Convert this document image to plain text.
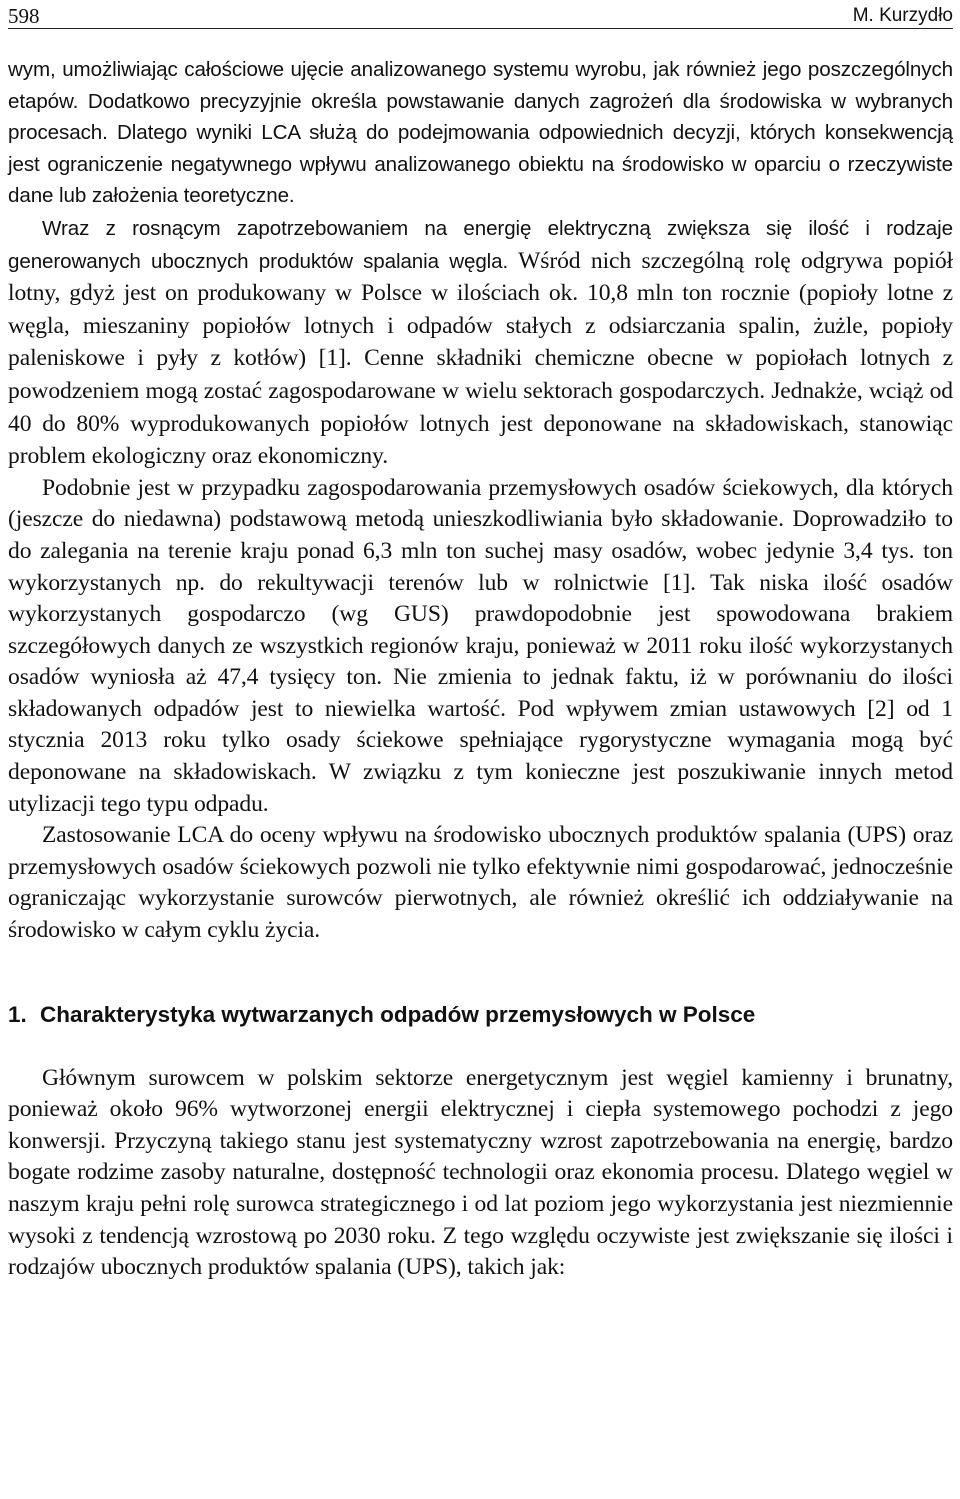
598	M. Kurzydło

wym, umożliwiając całościowe ujęcie analizowanego systemu wyrobu, jak również jego poszczególnych etapów. Dodatkowo precyzyjnie określa powstawanie danych zagrożeń dla środowiska w wybranych procesach. Dlatego wyniki LCA służą do podejmowania odpowiednich decyzji, których konsekwencją jest ograniczenie negatywnego wpływu analizowanego obiektu na środowisko w oparciu o rzeczywiste dane lub założenia teoretyczne.

Wraz z rosnącym zapotrzebowaniem na energię elektryczną zwiększa się ilość i rodzaje generowanych ubocznych produktów spalania węgla. Wśród nich szczególną rolę odgrywa popiół lotny, gdyż jest on produkowany w Polsce w ilościach ok. 10,8 mln ton rocznie (popioły lotne z węgla, mieszaniny popiołów lotnych i odpadów stałych z odsiarczania spalin, żużle, popioły paleniskowe i pyły z kotłów) [1]. Cenne składniki chemiczne obecne w popiołach lotnych z powodzeniem mogą zostać zagospodarowane w wielu sektorach gospodarczych. Jednakże, wciąż od 40 do 80% wyprodukowanych popiołów lotnych jest deponowane na składowiskach, stanowiąc problem ekologiczny oraz ekonomiczny.

Podobnie jest w przypadku zagospodarowania przemysłowych osadów ściekowych, dla których (jeszcze do niedawna) podstawową metodą unieszkodliwiania było składowanie. Doprowadziło to do zalegania na terenie kraju ponad 6,3 mln ton suchej masy osadów, wobec jedynie 3,4 tys. ton wykorzystanych np. do rekultywacji terenów lub w rolnictwie [1]. Tak niska ilość osadów wykorzystanych gospodarczo (wg GUS) prawdopodobnie jest spowodowana brakiem szczegółowych danych ze wszystkich regionów kraju, ponieważ w 2011 roku ilość wykorzystanych osadów wyniosła aż 47,4 tysięcy ton. Nie zmienia to jednak faktu, iż w porównaniu do ilości składowanych odpadów jest to niewielka wartość. Pod wpływem zmian ustawowych [2] od 1 stycznia 2013 roku tylko osady ściekowe spełniające rygorystyczne wymagania mogą być deponowane na składowiskach. W związku z tym konieczne jest poszukiwanie innych metod utylizacji tego typu odpadu.

Zastosowanie LCA do oceny wpływu na środowisko ubocznych produktów spalania (UPS) oraz przemysłowych osadów ściekowych pozwoli nie tylko efektywnie nimi gospodarować, jednocześnie ograniczając wykorzystanie surowców pierwotnych, ale również określić ich oddziaływanie na środowisko w całym cyklu życia.

1. Charakterystyka wytwarzanych odpadów przemysłowych w Polsce

Głównym surowcem w polskim sektorze energetycznym jest węgiel kamienny i brunatny, ponieważ około 96% wytworzonej energii elektrycznej i ciepła systemowego pochodzi z jego konwersji. Przyczyną takiego stanu jest systematyczny wzrost zapotrzebowania na energię, bardzo bogate rodzime zasoby naturalne, dostępność technologii oraz ekonomia procesu. Dlatego węgiel w naszym kraju pełni rolę surowca strategicznego i od lat poziom jego wykorzystania jest niezmiennie wysoki z tendencją wzrostową po 2030 roku. Z tego względu oczywiste jest zwiększanie się ilości i rodzajów ubocznych produktów spalania (UPS), takich jak:
